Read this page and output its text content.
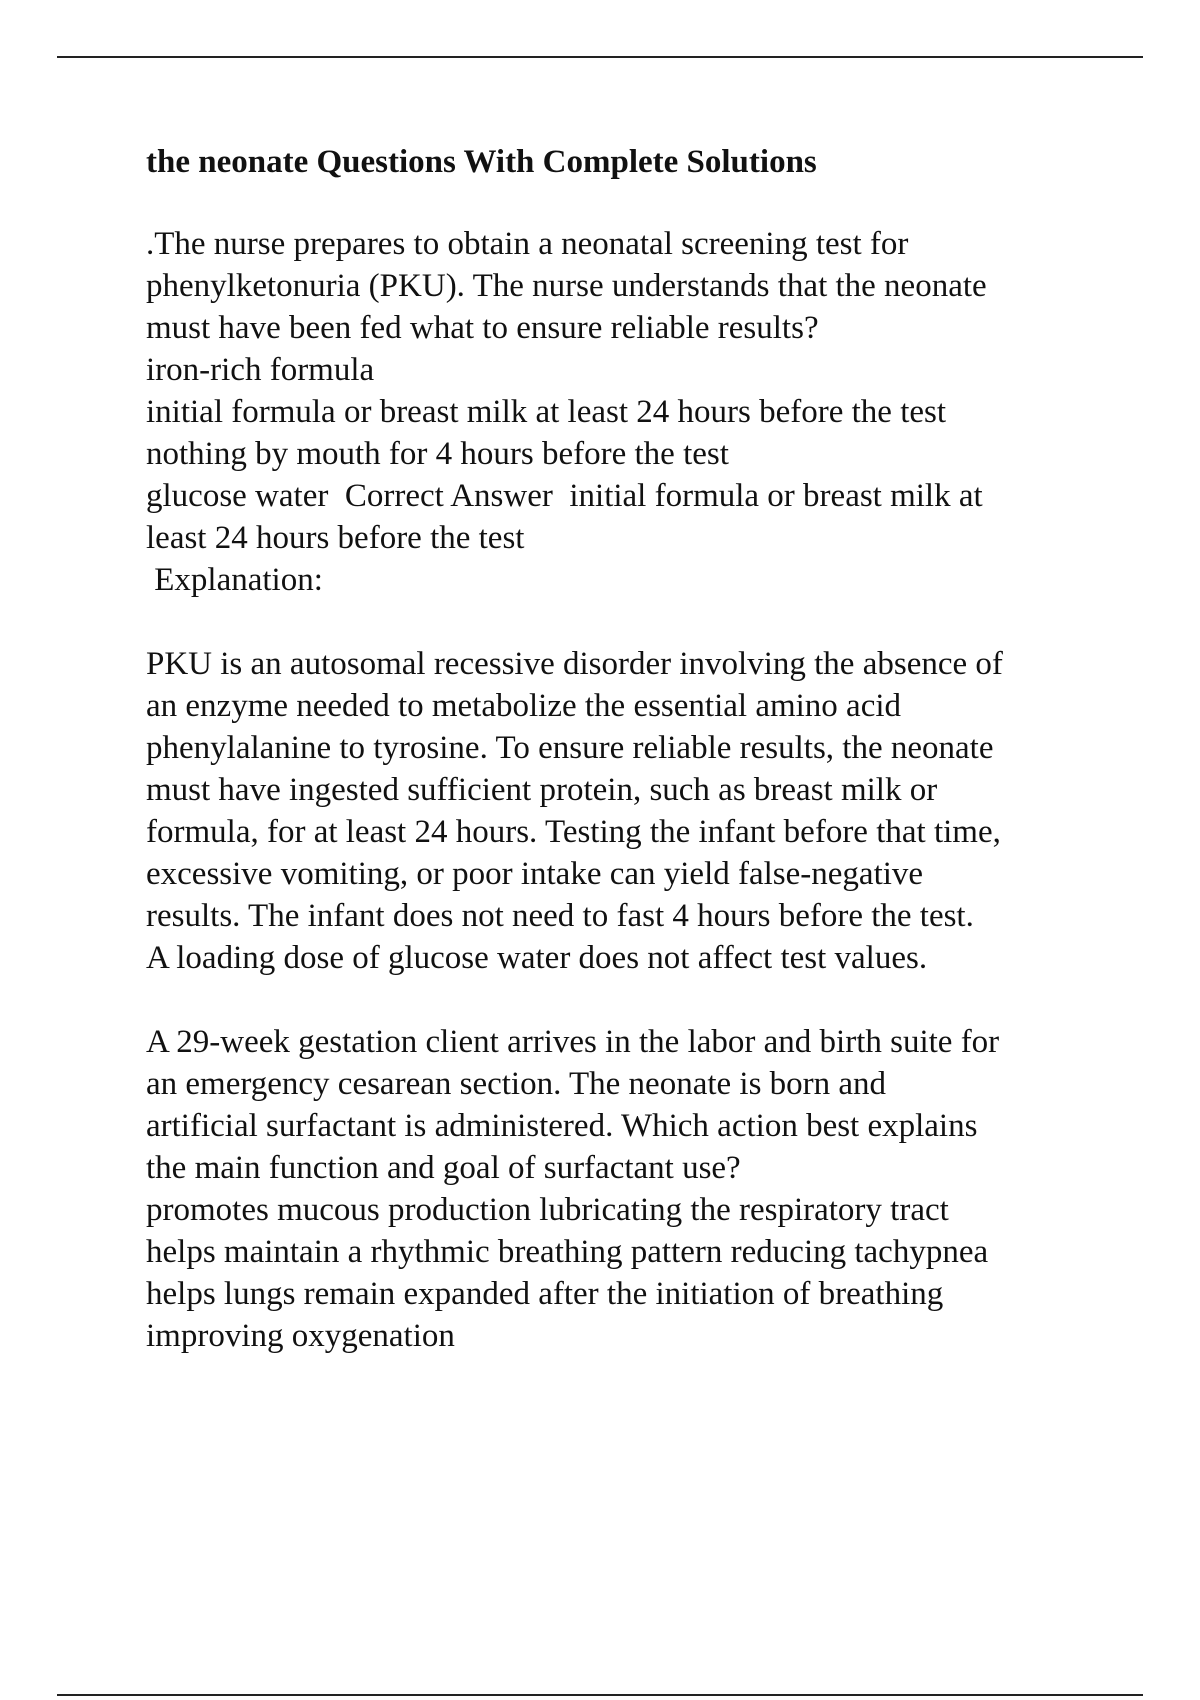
the neonate Questions With Complete Solutions

.The nurse prepares to obtain a neonatal screening test for

phenylketonuria (PKU). The nurse understands that the neonate

must have been fed what to ensure reliable results?

iron-rich formula

initial formula or breast milk at least 24 hours before the test

nothing by mouth for 4 hours before the test

glucose water  Correct Answer  initial formula or breast milk at

least 24 hours before the test

Explanation:

PKU is an autosomal recessive disorder involving the absence of

an enzyme needed to metabolize the essential amino acid

phenylalanine to tyrosine. To ensure reliable results, the neonate

must have ingested sufficient protein, such as breast milk or

formula, for at least 24 hours. Testing the infant before that time,

excessive vomiting, or poor intake can yield false-negative

results. The infant does not need to fast 4 hours before the test.

A loading dose of glucose water does not affect test values.

A 29-week gestation client arrives in the labor and birth suite for

an emergency cesarean section. The neonate is born and

artificial surfactant is administered. Which action best explains

the main function and goal of surfactant use?

promotes mucous production lubricating the respiratory tract

helps maintain a rhythmic breathing pattern reducing tachypnea

helps lungs remain expanded after the initiation of breathing

improving oxygenation
